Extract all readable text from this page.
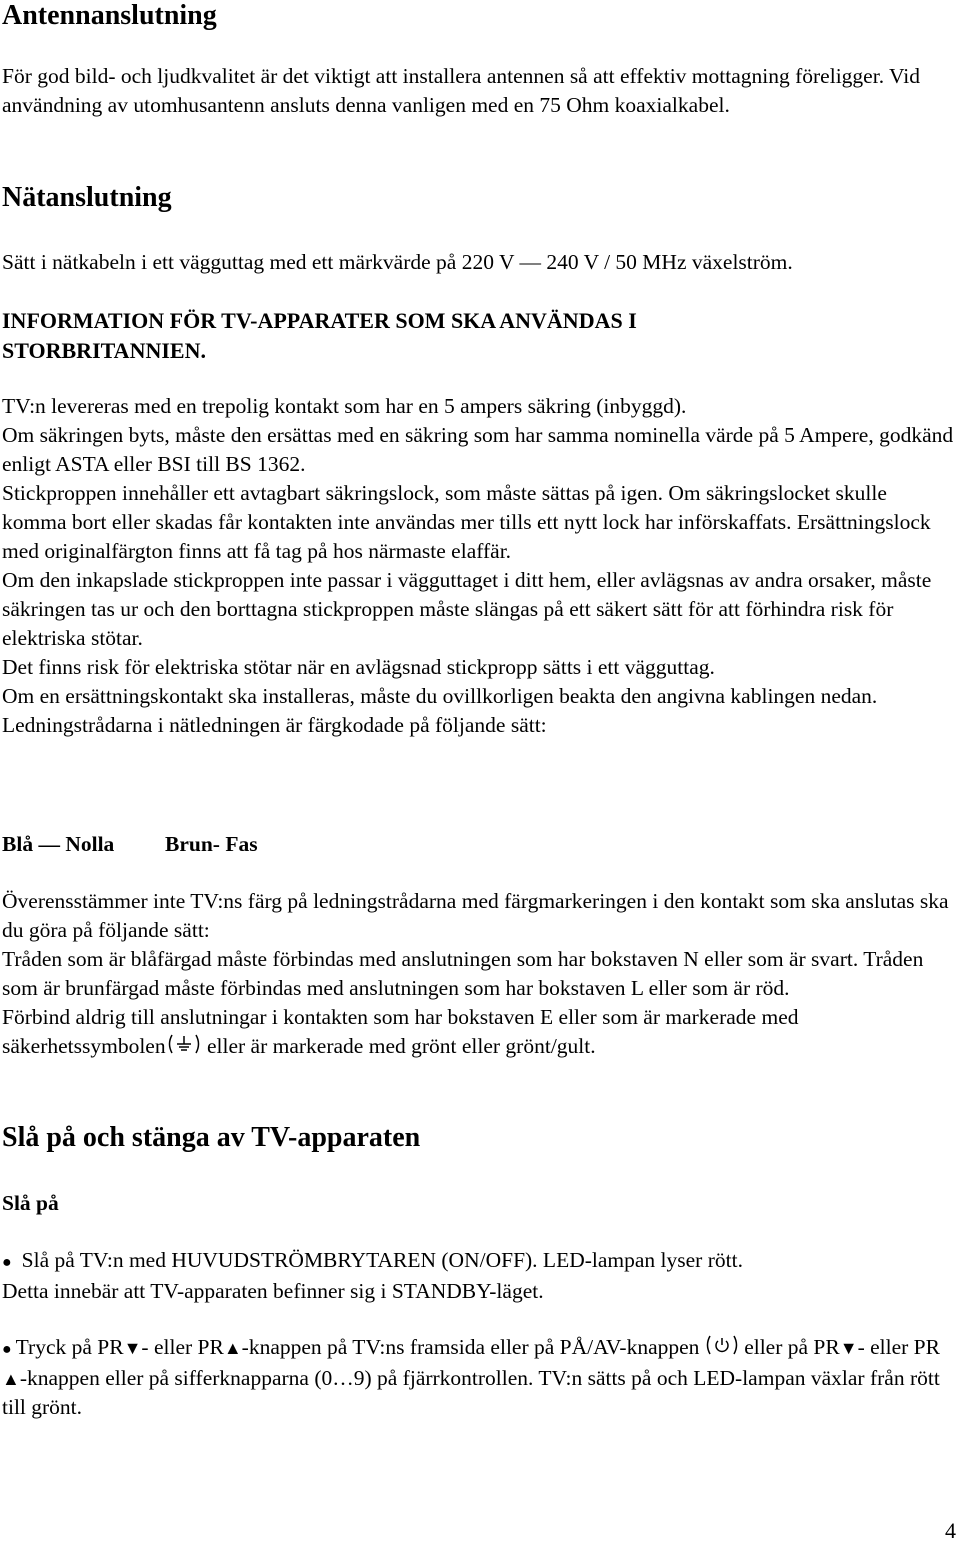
Antennanslutning

För god bild- och ljudkvalitet är det viktigt att installera antennen så att effektiv mottagning föreligger. Vid användning av utomhusantenn ansluts denna vanligen med en 75 Ohm koaxialkabel.

Nätanslutning

Sätt i nätkabeln i ett vägguttag med ett märkvärde på 220 V — 240 V / 50 MHz växelström.

INFORMATION FÖR TV-APPARATER SOM SKA ANVÄNDAS I STORBRITANNIEN.

TV:n levereras med en trepolig kontakt som har en 5 ampers säkring (inbyggd).

Om säkringen byts, måste den ersättas med en säkring som har samma nominella värde på 5 Ampere, godkänd enligt ASTA eller BSI till BS 1362.

Stickproppen innehåller ett avtagbart säkringslock, som måste sättas på igen. Om säkringslocket skulle komma bort eller skadas får kontakten inte användas mer tills ett nytt lock har införskaffats. Ersättningslock med originalfärgton finns att få tag på hos närmaste elaffär.

Om den inkapslade stickproppen inte passar i vägguttaget i ditt hem, eller avlägsnas av andra orsaker, måste säkringen tas ur och den borttagna stickproppen måste slängas på ett säkert sätt för att förhindra risk för elektriska stötar.

Det finns risk för elektriska stötar när en avlägsnad stickpropp sätts i ett vägguttag.

Om en ersättningskontakt ska installeras, måste du ovillkorligen beakta den angivna kablingen nedan.

Ledningstrådarna i nätledningen är färgkodade på följande sätt:

Blå — Nolla Brun- Fas

Överensstämmer inte TV:ns färg på ledningstrådarna med färgmarkeringen i den kontakt som ska anslutas ska du göra på följande sätt:

Tråden som är blåfärgad måste förbindas med anslutningen som har bokstaven N eller som är svart. Tråden som är brunfärgad måste förbindas med anslutningen som har bokstaven L eller som är röd.

Förbind aldrig till anslutningar i kontakten som har bokstaven E eller som är markerade med säkerhetssymbolen eller är markerade med grönt eller grönt/gult.

Slå på och stänga av TV-apparaten

Slå på

● Slå på TV:n med HUVUDSTRÖMBRYTAREN (ON/OFF). LED-lampan lyser rött.

Detta innebär att TV-apparaten befinner sig i STANDBY-läget.

● Tryck på PR▼- eller PR▲-knappen på TV:ns framsida eller på PÅ/AV-knappen  eller på PR▼- eller PR▲-knappen eller på sifferknapparna (0…9) på fjärrkontrollen. TV:n sätts på och LED-lampan växlar från rött till grönt.

4
